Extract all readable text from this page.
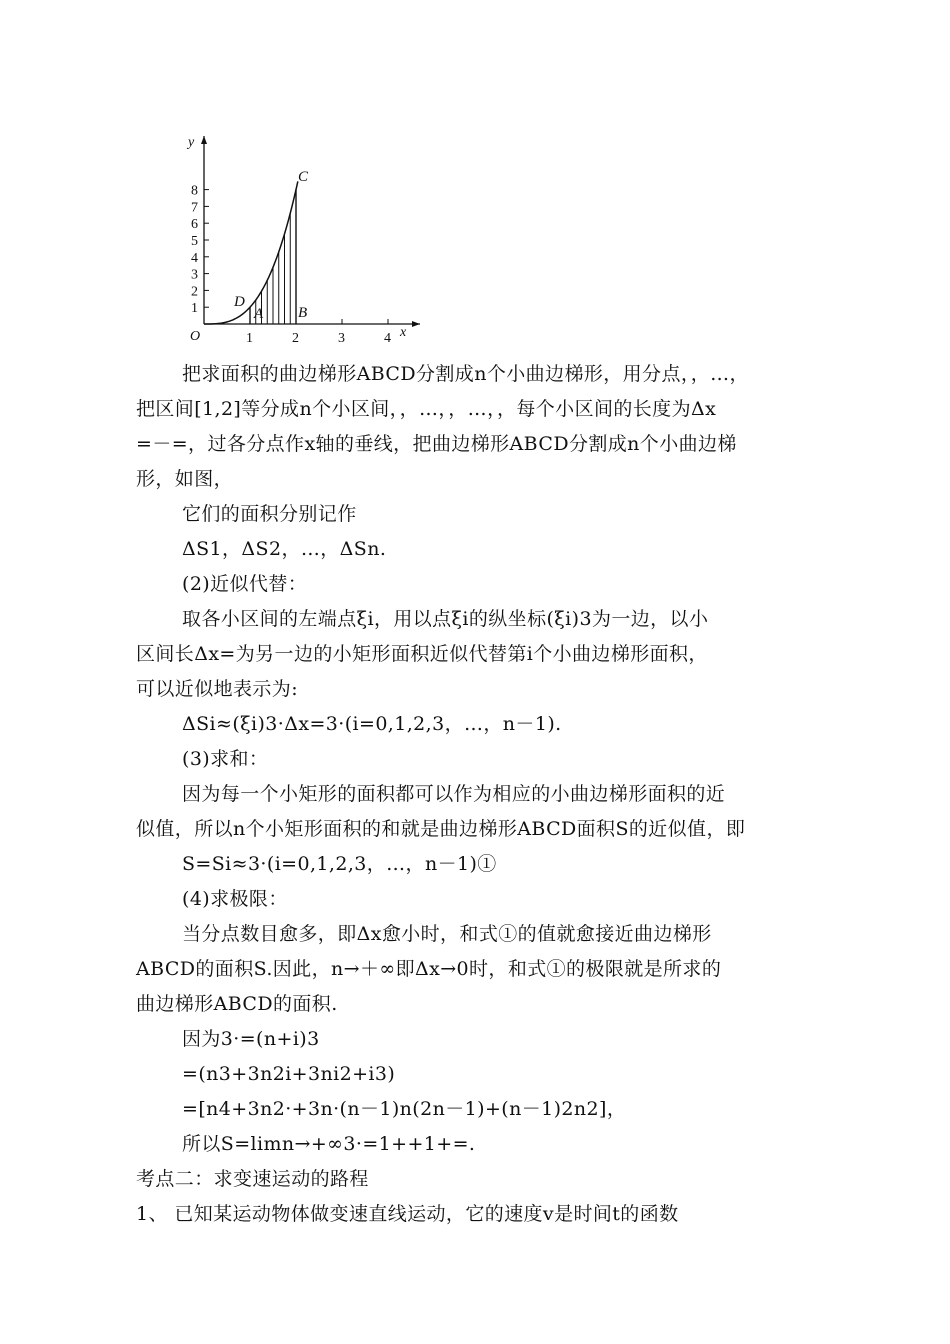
y
x
O
8
7
6
5
4
3
2
1
1	2	3	4
C
D
A B
把求面积的曲边梯形ABCD分割成n个小曲边梯形，用分点，，…，
把区间[1,2]等分成n个小区间，，…，，…，，每个小区间的长度为Δx
=－=，过各分点作x轴的垂线，把曲边梯形ABCD分割成n个小曲边梯
形，如图，
它们的面积分别记作
ΔS1，ΔS2，…，ΔSn.
(2)近似代替：
取各小区间的左端点ξi，用以点ξi的纵坐标(ξi)3为一边，以小
区间长Δx=为另一边的小矩形面积近似代替第i个小曲边梯形面积，
可以近似地表示为:
ΔSi≈(ξi)3·Δx=3·(i=0,1,2,3，…，n－1).
(3)求和：
因为每一个小矩形的面积都可以作为相应的小曲边梯形面积的近
似值，所以n个小矩形面积的和就是曲边梯形ABCD面积S的近似值，即
S=Si≈3·(i=0,1,2,3，…，n－1)①
(4)求极限：
当分点数目愈多，即Δx愈小时，和式①的值就愈接近曲边梯形
ABCD的面积S.因此，n→＋∞即Δx→0时，和式①的极限就是所求的
曲边梯形ABCD的面积.
因为3·=(n+i)3
=(n3+3n2i+3ni2+i3)
=[n4+3n2·+3n·(n－1)n(2n－1)+(n－1)2n2]，
所以S=limn→+∞3·=1++1+=.
考点二：求变速运动的路程
1、 已知某运动物体做变速直线运动，它的速度v是时间t的函数
